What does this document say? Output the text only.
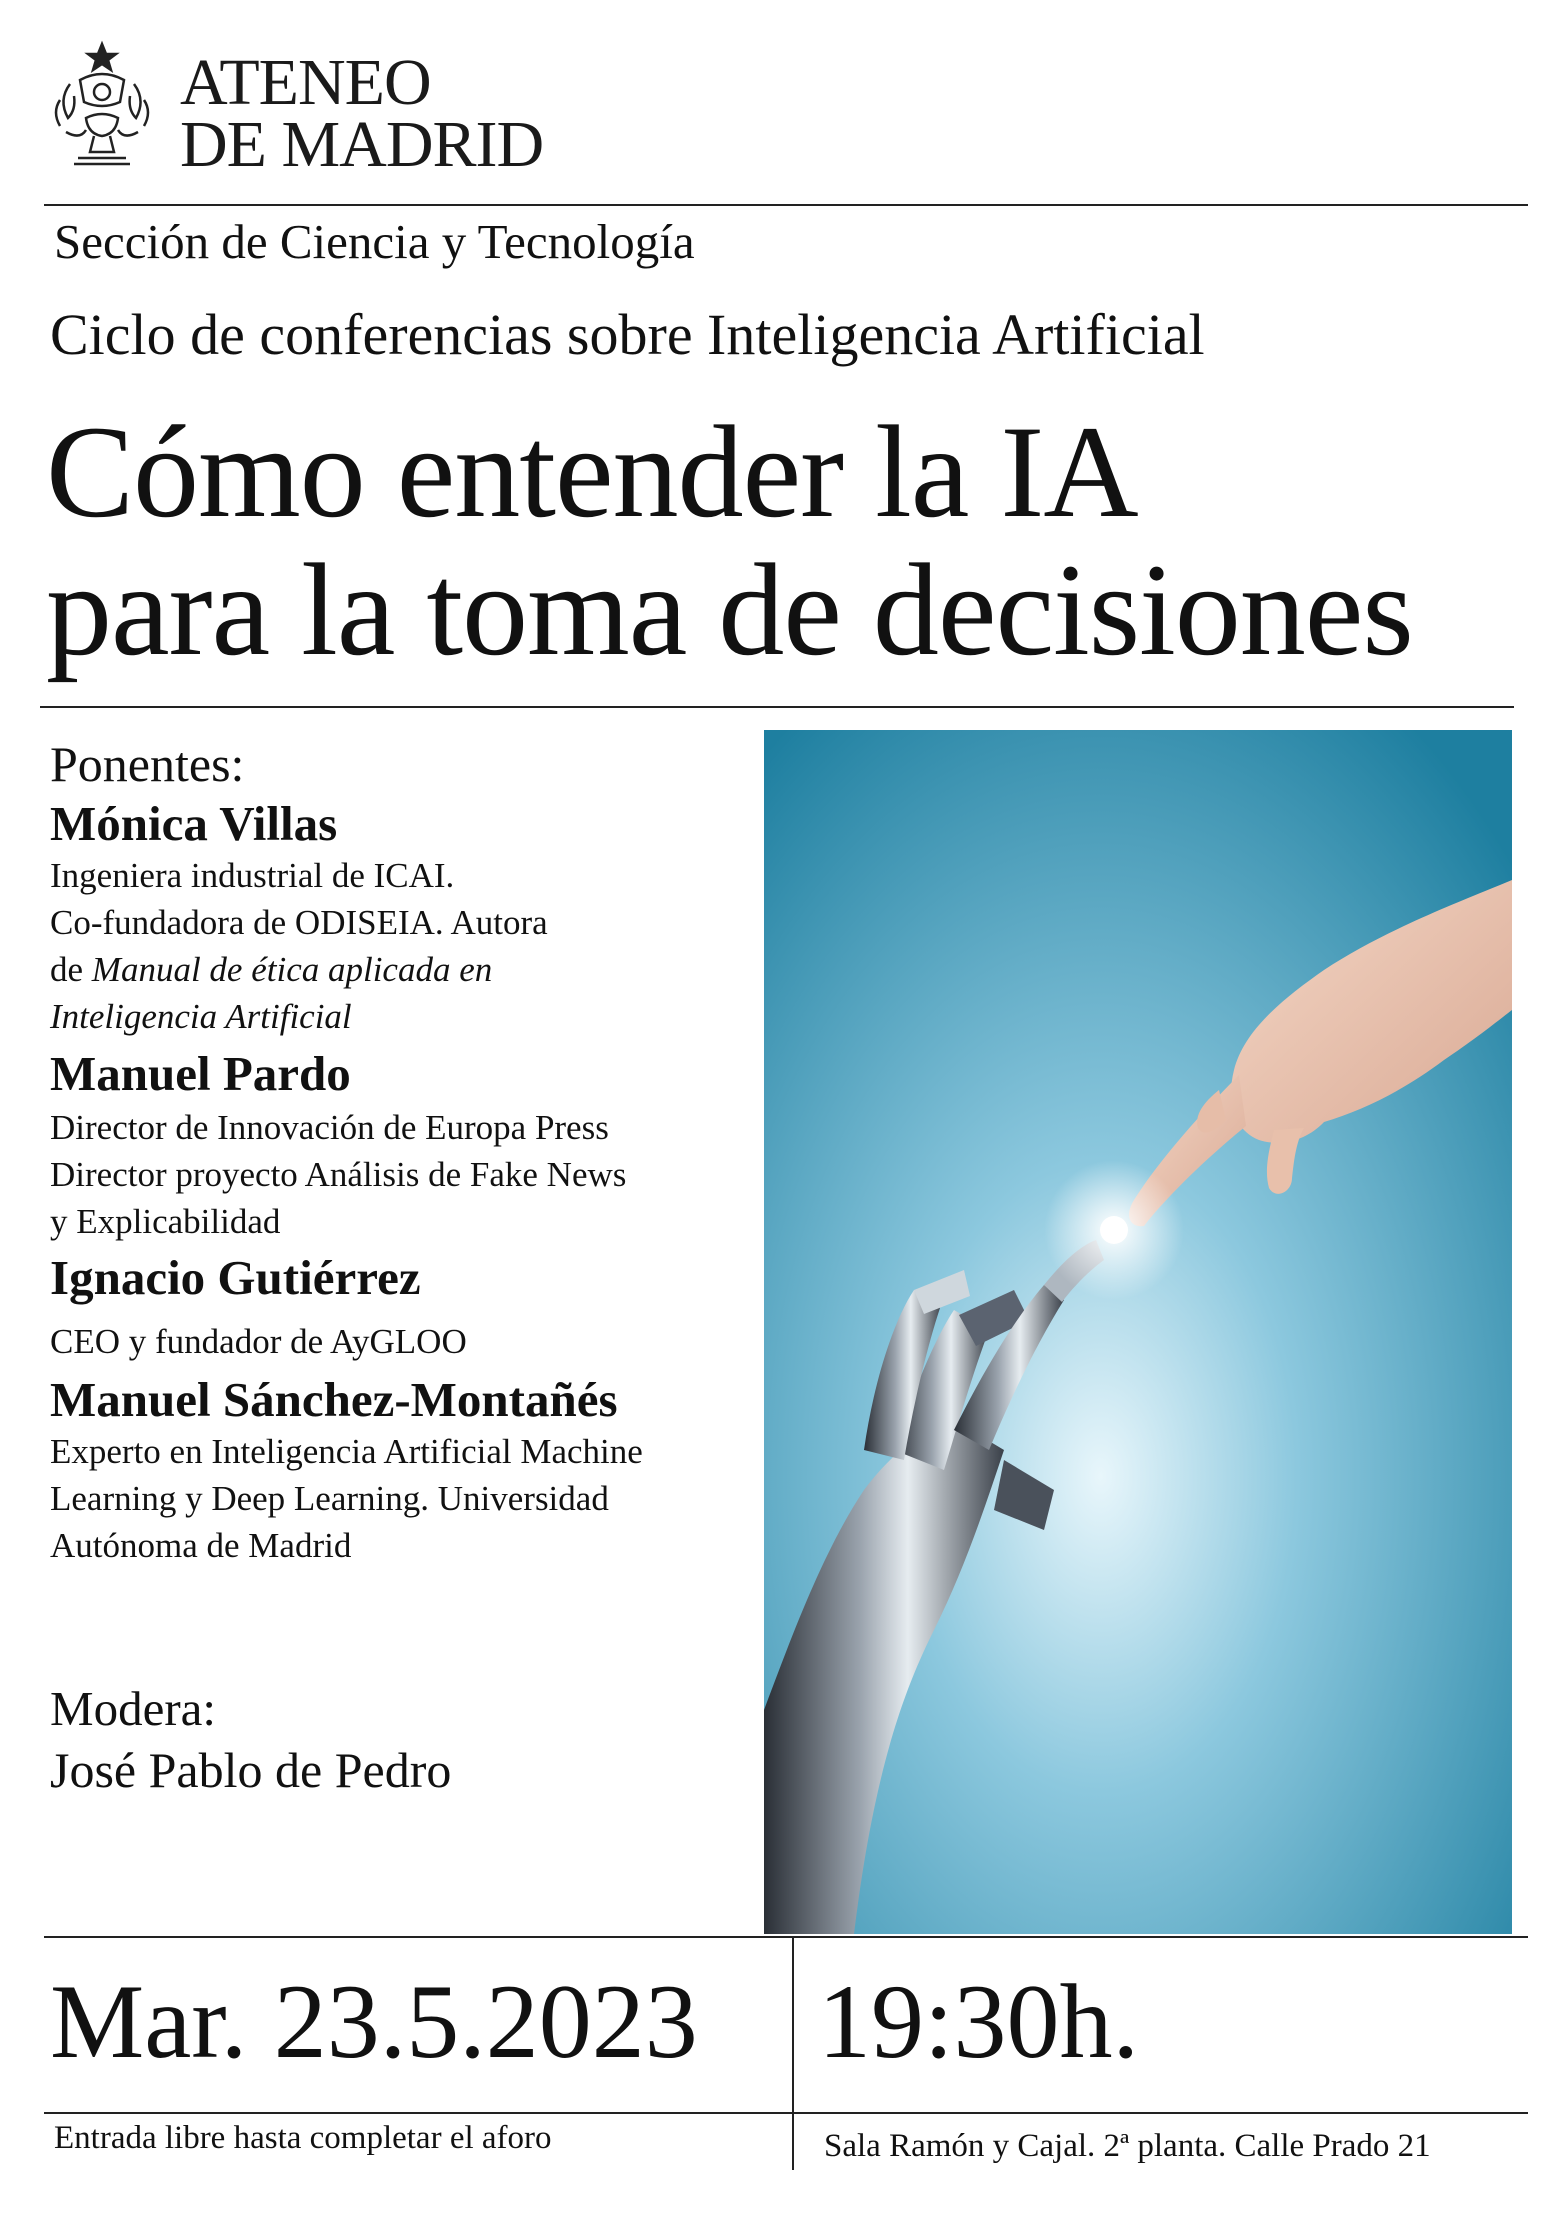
ATENEO
DE MADRID
Sección de Ciencia y Tecnología
Ciclo de conferencias sobre Inteligencia Artificial
Cómo entender la IA
para la toma de decisiones
Ponentes:
Mónica Villas
Ingeniera industrial de ICAI.
Co-fundadora de ODISEIA. Autora
de Manual de ética aplicada en
Inteligencia Artificial
Manuel Pardo
Director de Innovación de Europa Press
Director proyecto Análisis de Fake News
y Explicabilidad
Ignacio Gutiérrez
CEO y fundador de AyGLOO
Manuel Sánchez-Montañés
Experto en Inteligencia Artificial Machine
Learning y Deep Learning. Universidad
Autónoma de Madrid
Modera:
José Pablo de Pedro
Mar. 23.5.2023 19:30h.
Entrada libre hasta completar el aforo	Sala Ramón y Cajal. 2ª planta. Calle Prado 21
